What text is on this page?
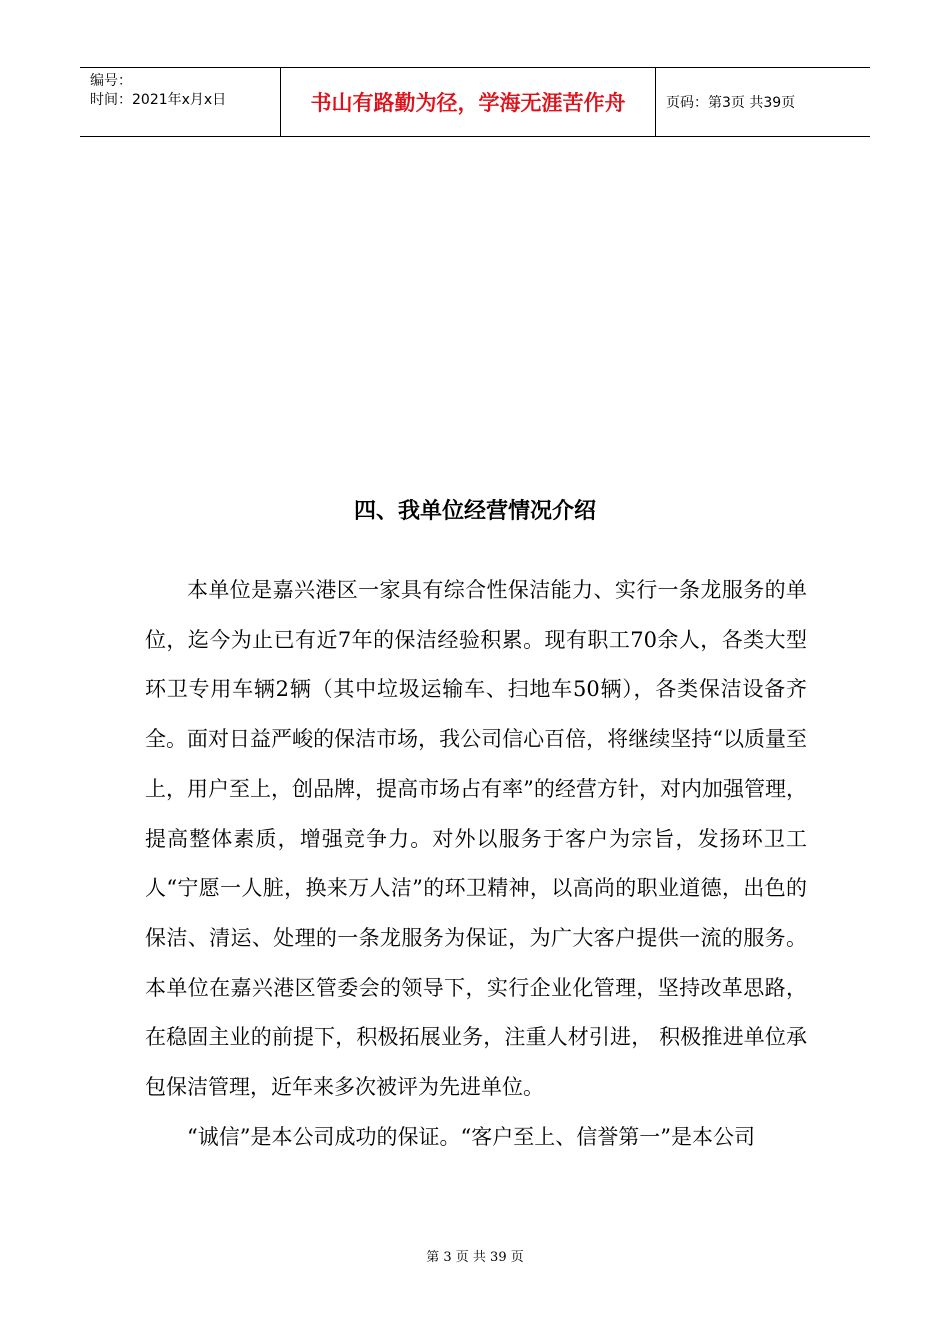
编号：
时间：2021年x月x日	书山有路勤为径，学海无涯苦作舟	页码：第3页 共39页
四、我单位经营情况介绍

本单位是嘉兴港区一家具有综合性保洁能力、实行一条龙服务的单位，迄今为止已有近7年的保洁经验积累。现有职工70余人，各类大型环卫专用车辆2辆（其中垃圾运输车、扫地车50辆），各类保洁设备齐全。面对日益严峻的保洁市场，我公司信心百倍，将继续坚持“以质量至上，用户至上，创品牌，提高市场占有率”的经营方针，对内加强管理，提高整体素质，增强竞争力。对外以服务于客户为宗旨，发扬环卫工人“宁愿一人脏，换来万人洁”的环卫精神，以高尚的职业道德，出色的保洁、清运、处理的一条龙服务为保证，为广大客户提供一流的服务。本单位在嘉兴港区管委会的领导下，实行企业化管理，坚持改革思路，在稳固主业的前提下，积极拓展业务，注重人材引进， 积极推进单位承包保洁管理，近年来多次被评为先进单位。

“诚信”是本公司成功的保证。“客户至上、信誉第一”是本公司

第 3 页 共 39 页
